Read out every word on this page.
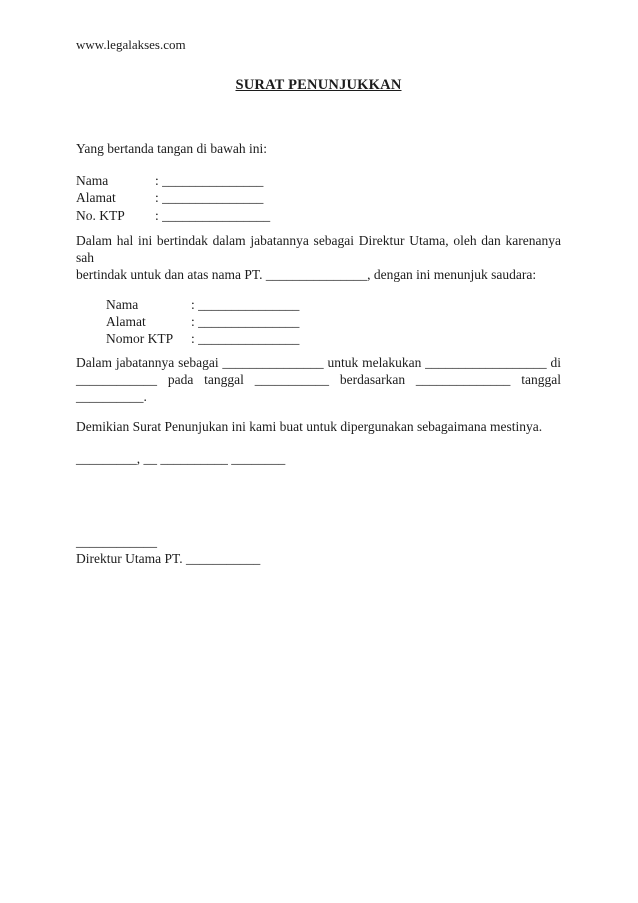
www.legalakses.com
SURAT PENUNJUKKAN
Yang bertanda tangan di bawah ini:
Nama	: _______________
Alamat	: _______________
No. KTP : ________________
Dalam hal ini bertindak dalam jabatannya sebagai Direktur Utama, oleh dan karenanya sah
bertindak untuk dan atas nama PT. _______________, dengan ini menunjuk saudara:
Nama	: _______________
Alamat	: _______________
Nomor KTP : _______________
Dalam jabatannya sebagai _______________ untuk melakukan __________________ di
____________ pada tanggal ___________ berdasarkan ______________ tanggal
__________.
Demikian Surat Penunjukan ini kami buat untuk dipergunakan sebagaimana mestinya.
_________, __ __________ ________
____________
Direktur Utama PT. ___________
